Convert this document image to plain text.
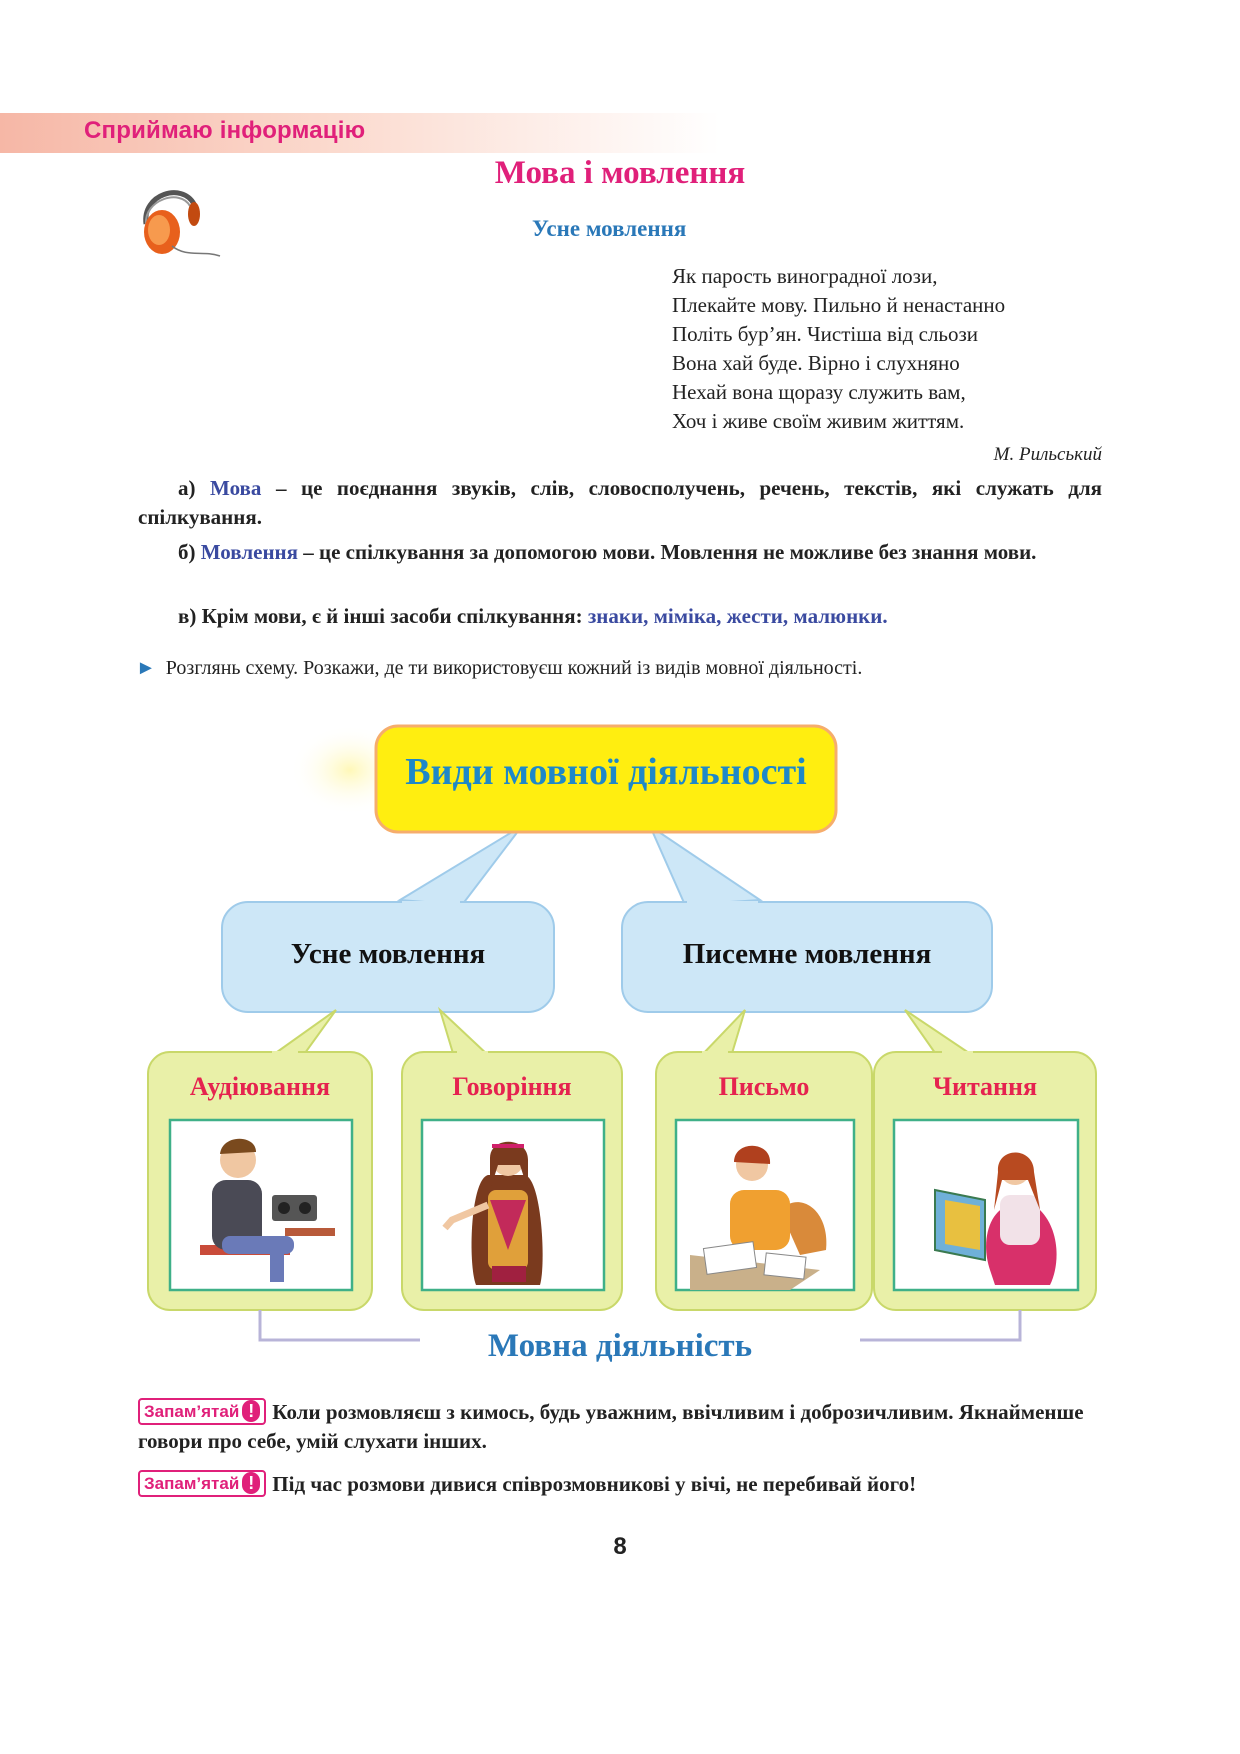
Сприймаю інформацію
Мова і мовлення
Усне мовлення
Як парость виноградної лози,
Плекайте мову. Пильно й ненастанно
Політь бур’ян. Чистіша від сльози
Вона хай буде. Вірно і слухняно
Нехай вона щоразу служить вам,
Хоч і живе своїм живим життям.
М. Рильський
а) Мова – це поєднання звуків, слів, словосполучень, речень, текстів, які служать для спілкування.
б) Мовлення – це спілкування за допомогою мови. Мовлення не можливе без знання мови.
в) Крім мови, є й інші засоби спілкування: знаки, міміка, жести, малюнки.
► Розглянь схему. Розкажи, де ти використовуєш кожний із видів мовної діяльності.
Види мовної діяльності
Усне мовлення	Писемне мовлення
Аудіювання	Говоріння	Письмо	Читання
Мовна діяльність
Запам’ятай ! Коли розмовляєш з кимось, будь уважним, ввічливим і доброзичливим. Якнайменше говори про себе, умій слухати інших.
Запам’ятай ! Під час розмови дивися співрозмовникові у вічі, не перебивай його!
8
